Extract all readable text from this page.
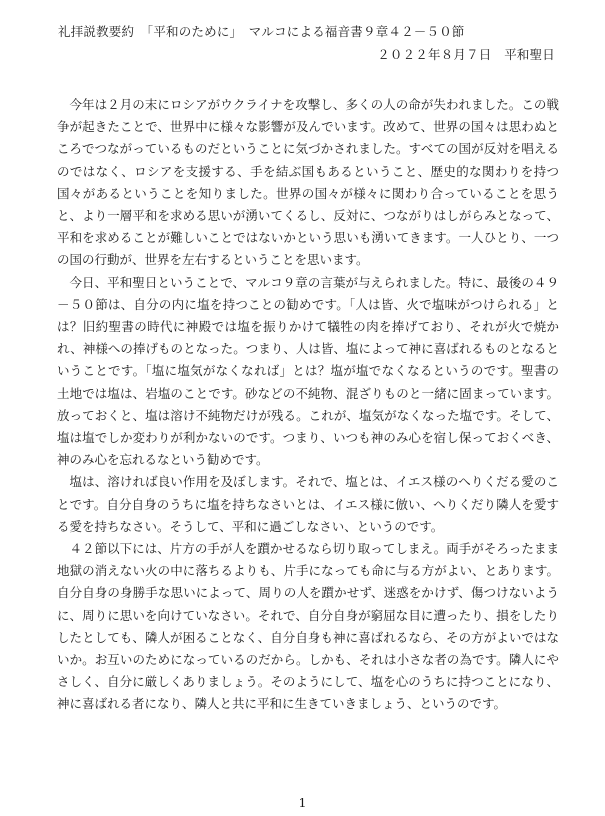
礼拝説教要約　「平和のために」　マルコによる福音書９章４２－５０節
２０２２年８月７日　平和聖日

今年は２月の末にロシアがウクライナを攻撃し、多くの人の命が失われました。この戦争が起きたことで、世界中に様々な影響が及んでいます。改めて、世界の国々は思わぬところでつながっているものだということに気づかされました。すべての国が反対を唱えるのではなく、ロシアを支援する、手を結ぶ国もあるということ、歴史的な関わりを持つ国々があるということを知りました。世界の国々が様々に関わり合っていることを思うと、より一層平和を求める思いが湧いてくるし、反対に、つながりはしがらみとなって、平和を求めることが難しいことではないかという思いも湧いてきます。一人ひとり、一つの国の行動が、世界を左右するということを思います。

今日、平和聖日ということで、マルコ９章の言葉が与えられました。特に、最後の４９－５０節は、自分の内に塩を持つことの勧めです。「人は皆、火で塩味がつけられる」とは？旧約聖書の時代に神殿では塩を振りかけて犠牲の肉を捧げており、それが火で焼かれ、神様への捧げものとなった。つまり、人は皆、塩によって神に喜ばれるものとなるということです。「塩に塩気がなくなれば」とは？塩が塩でなくなるというのです。聖書の土地では塩は、岩塩のことです。砂などの不純物、混ざりものと一緒に固まっています。放っておくと、塩は溶け不純物だけが残る。これが、塩気がなくなった塩です。そして、塩は塩でしか変わりが利かないのです。つまり、いつも神のみ心を宿し保っておくべき、神のみ心を忘れるなという勧めです。

塩は、溶ければ良い作用を及ぼします。それで、塩とは、イエス様のへりくだる愛のことです。自分自身のうちに塩を持ちなさいとは、イエス様に倣い、へりくだり隣人を愛する愛を持ちなさい。そうして、平和に過ごしなさい、というのです。

４２節以下には、片方の手が人を躓かせるなら切り取ってしまえ。両手がそろったまま地獄の消えない火の中に落ちるよりも、片手になっても命に与る方がよい、とあります。自分自身の身勝手な思いによって、周りの人を躓かせず、迷惑をかけず、傷つけないように、周りに思いを向けていなさい。それで、自分自身が窮屈な目に遭ったり、損をしたりしたとしても、隣人が困ることなく、自分自身も神に喜ばれるなら、その方がよいではないか。お互いのためになっているのだから。しかも、それは小さな者の為です。隣人にやさしく、自分に厳しくありましょう。そのようにして、塩を心のうちに持つことになり、神に喜ばれる者になり、隣人と共に平和に生きていきましょう、というのです。

1
